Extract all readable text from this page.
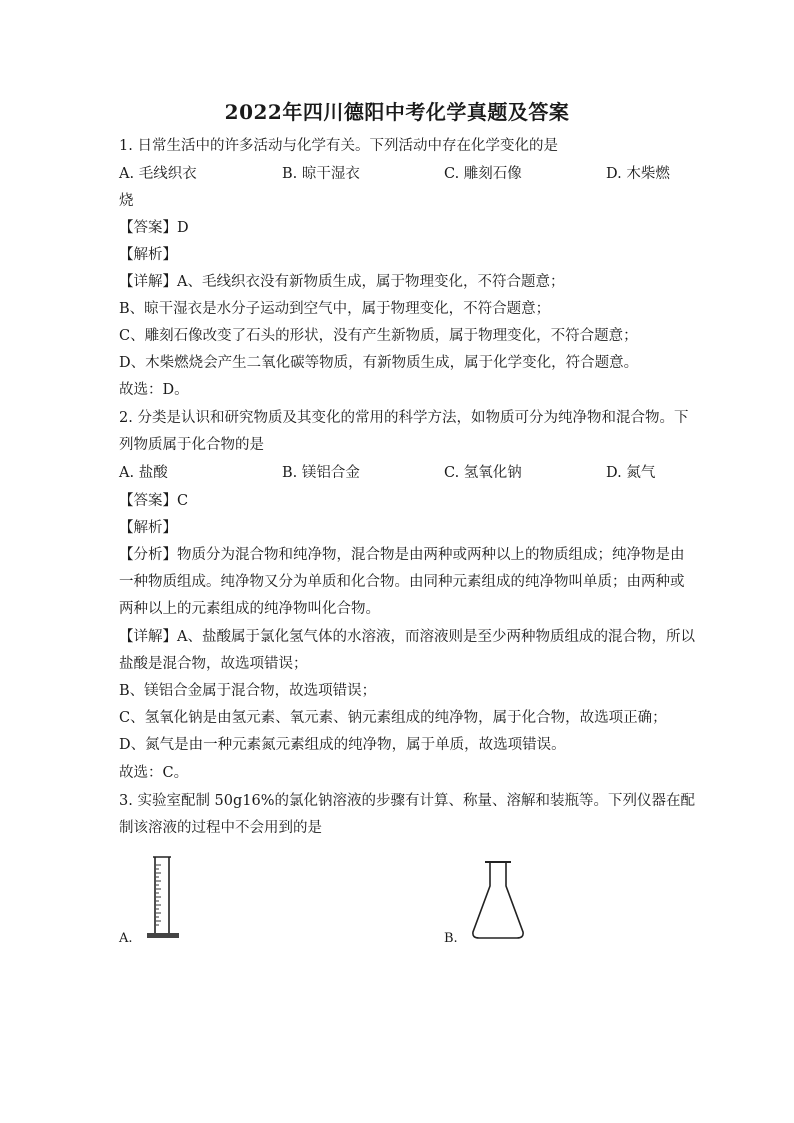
2022年四川德阳中考化学真题及答案
1. 日常生活中的许多活动与化学有关。下列活动中存在化学变化的是
A. 毛线织衣	B. 晾干湿衣	C. 雕刻石像	D. 木柴燃
烧
【答案】D
【解析】
【详解】A、毛线织衣没有新物质生成，属于物理变化，不符合题意；
B、晾干湿衣是水分子运动到空气中，属于物理变化，不符合题意；
C、雕刻石像改变了石头的形状，没有产生新物质，属于物理变化，不符合题意；
D、木柴燃烧会产生二氧化碳等物质，有新物质生成，属于化学变化，符合题意。
故选：D。
2. 分类是认识和研究物质及其变化的常用的科学方法，如物质可分为纯净物和混合物。下
列物质属于化合物的是
A. 盐酸	B. 镁铝合金	C. 氢氧化钠	D. 氮气
【答案】C
【解析】
【分析】物质分为混合物和纯净物，混合物是由两种或两种以上的物质组成；纯净物是由
一种物质组成。纯净物又分为单质和化合物。由同种元素组成的纯净物叫单质；由两种或
两种以上的元素组成的纯净物叫化合物。
【详解】A、盐酸属于氯化氢气体的水溶液，而溶液则是至少两种物质组成的混合物，所以
盐酸是混合物，故选项错误；
B、镁铝合金属于混合物，故选项错误；
C、氢氧化钠是由氢元素、氧元素、钠元素组成的纯净物，属于化合物，故选项正确；
D、氮气是由一种元素氮元素组成的纯净物，属于单质，故选项错误。
故选：C。
3. 实验室配制 50g16%的氯化钠溶液的步骤有计算、称量、溶解和装瓶等。下列仪器在配
制该溶液的过程中不会用到的是
A.	B.
